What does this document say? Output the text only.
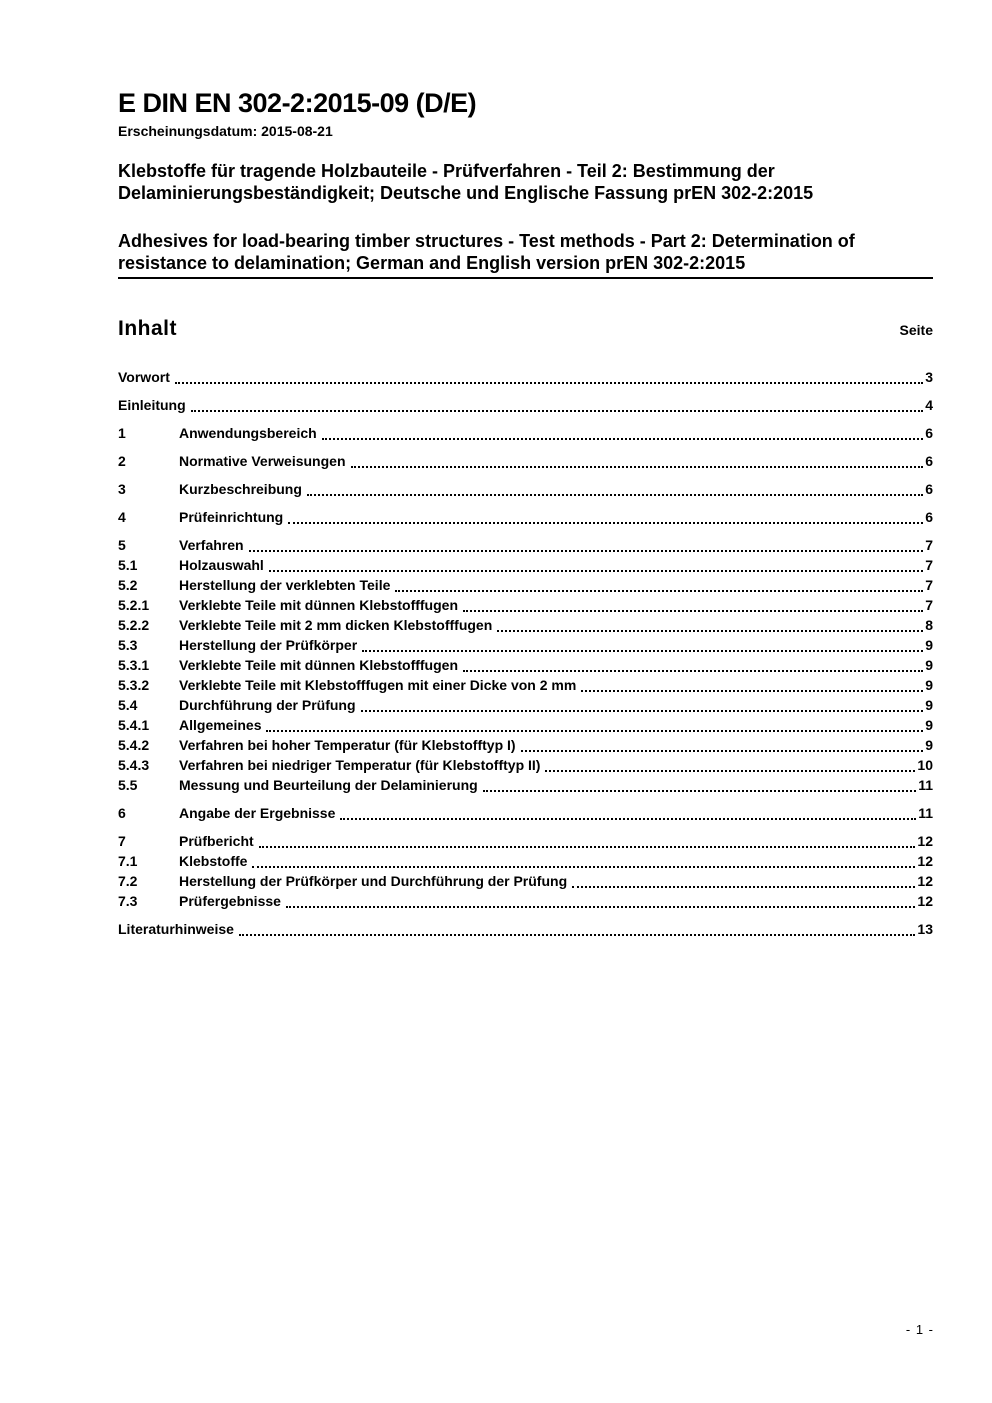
E DIN EN 302-2:2015-09 (D/E)
Erscheinungsdatum: 2015-08-21
Klebstoffe für tragende Holzbauteile - Prüfverfahren - Teil 2: Bestimmung der Delaminierungsbeständigkeit; Deutsche und Englische Fassung prEN 302-2:2015
Adhesives for load-bearing timber structures - Test methods - Part 2: Determination of resistance to delamination; German and English version prEN 302-2:2015
Inhalt	Seite
Vorwort	3
Einleitung	4
1	Anwendungsbereich	6
2	Normative Verweisungen	6
3	Kurzbeschreibung	6
4	Prüfeinrichtung	6
5	Verfahren	7
5.1	Holzauswahl	7
5.2	Herstellung der verklebten Teile	7
5.2.1	Verklebte Teile mit dünnen Klebstofffugen	7
5.2.2	Verklebte Teile mit 2 mm dicken Klebstofffugen	8
5.3	Herstellung der Prüfkörper	9
5.3.1	Verklebte Teile mit dünnen Klebstofffugen	9
5.3.2	Verklebte Teile mit Klebstofffugen mit einer Dicke von 2 mm	9
5.4	Durchführung der Prüfung	9
5.4.1	Allgemeines	9
5.4.2	Verfahren bei hoher Temperatur (für Klebstofftyp I)	9
5.4.3	Verfahren bei niedriger Temperatur (für Klebstofftyp II)	10
5.5	Messung und Beurteilung der Delaminierung	11
6	Angabe der Ergebnisse	11
7	Prüfbericht	12
7.1	Klebstoffe	12
7.2	Herstellung der Prüfkörper und Durchführung der Prüfung	12
7.3	Prüfergebnisse	12
Literaturhinweise	13
- 1 -
